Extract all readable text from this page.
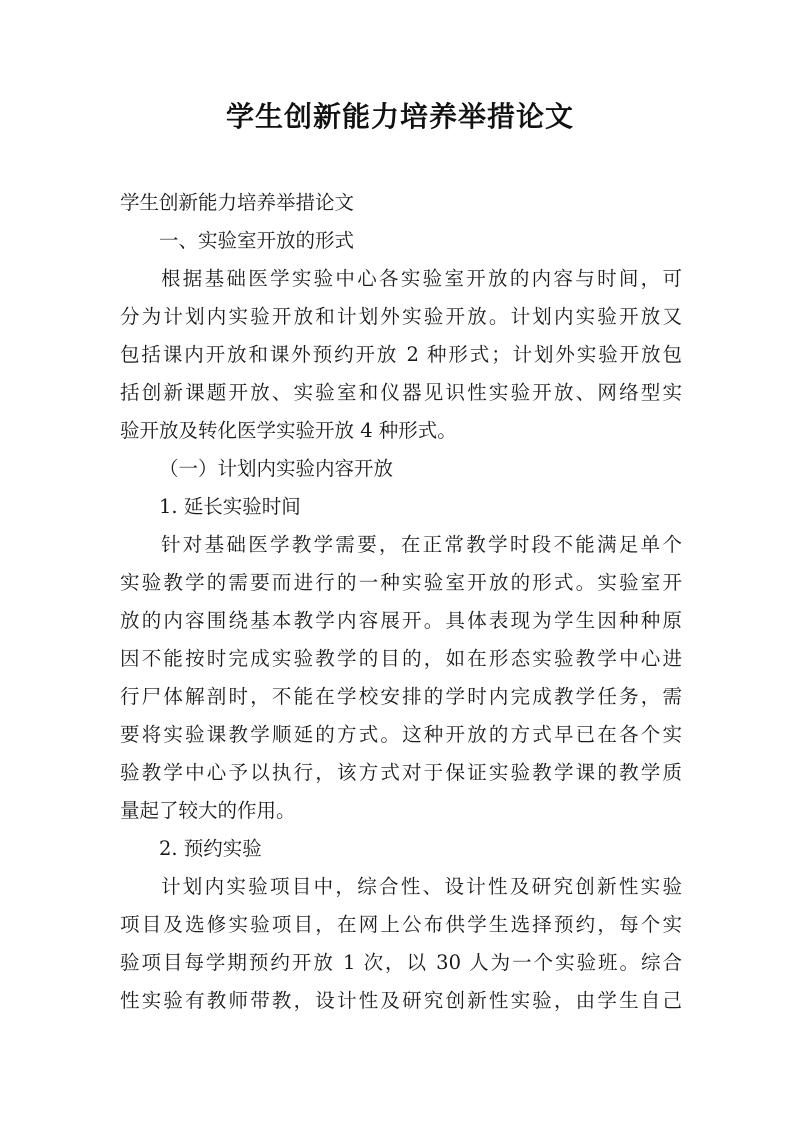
学生创新能力培养举措论文
学生创新能力培养举措论文
一、实验室开放的形式
根据基础医学实验中心各实验室开放的内容与时间，可
分为计划内实验开放和计划外实验开放。计划内实验开放又
包括课内开放和课外预约开放 2 种形式；计划外实验开放包
括创新课题开放、实验室和仪器见识性实验开放、网络型实
验开放及转化医学实验开放 4 种形式。
（一）计划内实验内容开放
1. 延长实验时间
针对基础医学教学需要，在正常教学时段不能满足单个
实验教学的需要而进行的一种实验室开放的形式。实验室开
放的内容围绕基本教学内容展开。具体表现为学生因种种原
因不能按时完成实验教学的目的，如在形态实验教学中心进
行尸体解剖时，不能在学校安排的学时内完成教学任务，需
要将实验课教学顺延的方式。这种开放的方式早已在各个实
验教学中心予以执行，该方式对于保证实验教学课的教学质
量起了较大的作用。
2. 预约实验
计划内实验项目中，综合性、设计性及研究创新性实验
项目及选修实验项目，在网上公布供学生选择预约，每个实
验项目每学期预约开放 1 次，以 30 人为一个实验班。综合
性实验有教师带教，设计性及研究创新性实验，由学生自己
